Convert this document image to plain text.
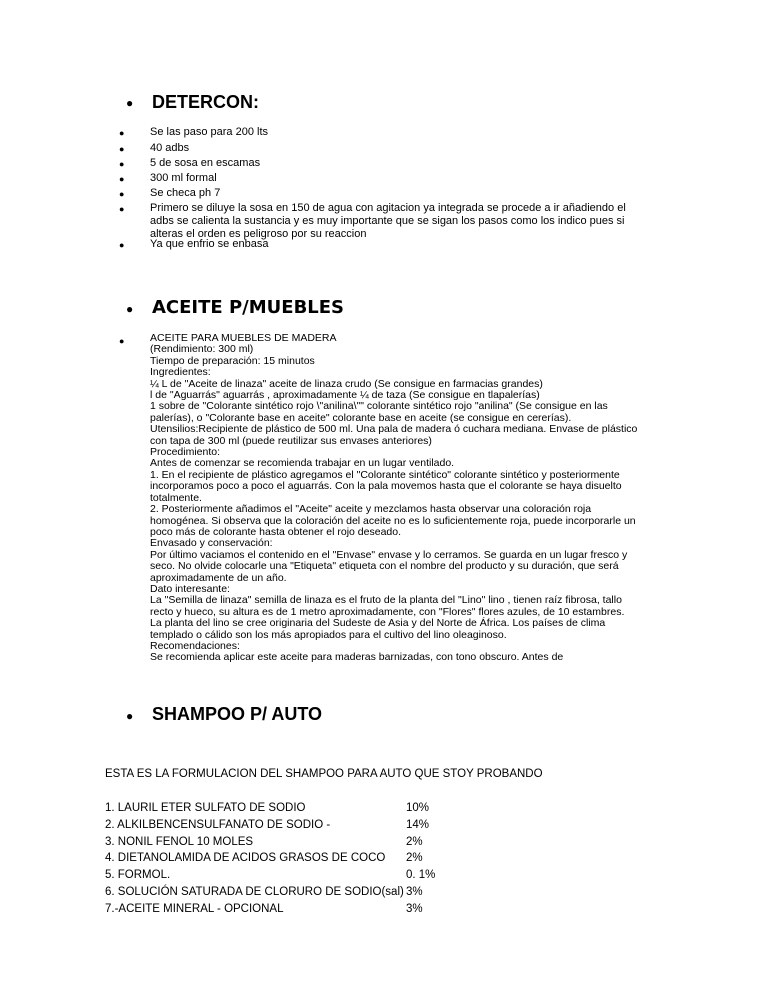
● DETERCON:
● Se las paso para 200 lts
● 40 adbs
● 5 de sosa en escamas
● 300 ml formal
● Se checa ph 7
● Primero se diluye la sosa en 150 de agua con agitacion ya integrada se procede a ir añadiendo el
adbs se calienta la sustancia y es muy importante que se sigan los pasos como los indico pues si
alteras el orden es peligroso por su reaccion
● Ya que enfrio se enbasa
● ACEITE P/MUEBLES
● ACEITE PARA MUEBLES DE MADERA
(Rendimiento: 300 ml)
Tiempo de preparación: 15 minutos
Ingredientes:
¼ L de "Aceite de linaza" aceite de linaza crudo (Se consigue en farmacias grandes)
l de "Aguarrás" aguarrás , aproximadamente ¼ de taza (Se consigue en tlapalerías)
1 sobre de "Colorante sintético rojo \"anilina\"" colorante sintético rojo "anilina" (Se consigue en las
palerías), o "Colorante base en aceite" colorante base en aceite (se consigue en cererías).
Utensilios:Recipiente de plástico de 500 ml. Una pala de madera ó cuchara mediana. Envase de plástico
con tapa de 300 ml (puede reutilizar sus envases anteriores)
Procedimiento:
Antes de comenzar se recomienda trabajar en un lugar ventilado.
1. En el recipiente de plástico agregamos el "Colorante sintético" colorante sintético y posteriormente
incorporamos poco a poco el aguarrás. Con la pala movemos hasta que el colorante se haya disuelto
totalmente.
2. Posteriormente añadimos el "Aceite" aceite y mezclamos hasta observar una coloración roja
homogénea. Si observa que la coloración del aceite no es lo suficientemente roja, puede incorporarle un
poco más de colorante hasta obtener el rojo deseado.
Envasado y conservación:
Por último vaciamos el contenido en el "Envase" envase y lo cerramos. Se guarda en un lugar fresco y
seco. No olvide colocarle una "Etiqueta" etiqueta con el nombre del producto y su duración, que será
aproximadamente de un año.
Dato interesante:
La "Semilla de linaza" semilla de linaza es el fruto de la planta del "Lino" lino , tienen raíz fibrosa, tallo
recto y hueco, su altura es de 1 metro aproximadamente, con "Flores" flores azules, de 10 estambres.
La planta del lino se cree originaria del Sudeste de Asia y del Norte de África. Los países de clima
templado o cálido son los más apropiados para el cultivo del lino oleaginoso.
Recomendaciones:
Se recomienda aplicar este aceite para maderas barnizadas, con tono obscuro. Antes de
● SHAMPOO P/ AUTO
ESTA ES LA FORMULACION DEL SHAMPOO PARA AUTO QUE STOY PROBANDO
1. LAURIL ETER SULFATO DE SODIO	10%
2. ALKILBENCENSULFANATO DE SODIO -	14%
3. NONIL FENOL 10 MOLES	2%
4. DIETANOLAMIDA DE ACIDOS GRASOS DE COCO 2%
5. FORMOL.	0. 1%
6. SOLUCIÓN SATURADA DE CLORURO DE SODIO(sal) 3%
7.-ACEITE MINERAL - OPCIONAL	3%
